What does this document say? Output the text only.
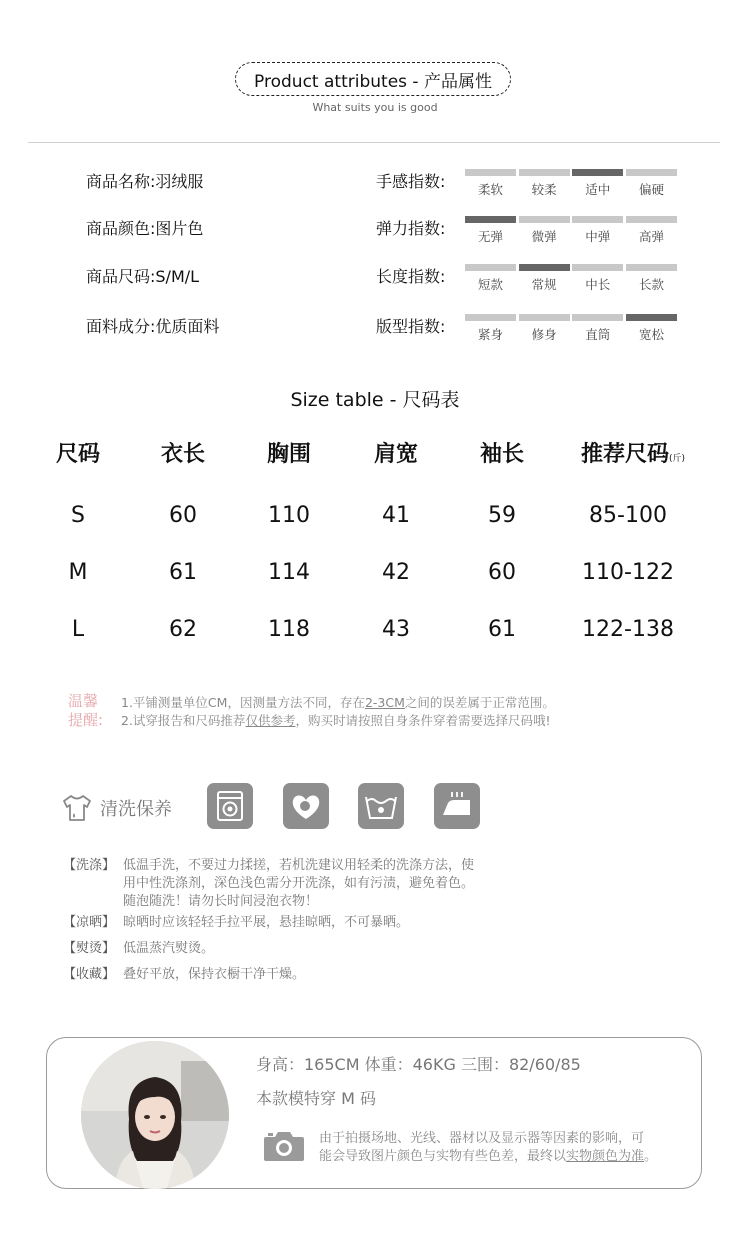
Product attributes - 产品属性
What suits you is good
商品名称:羽绒服
商品颜色:图片色
商品尺码:S/M/L
面料成分:优质面料
手感指数:	柔软	较柔	适中	偏硬
弹力指数:	无弹	微弹	中弹	高弹
长度指数:	短款	常规	中长	长款
版型指数:	紧身	修身	直筒	宽松
Size table - 尺码表
尺码	衣长	胸围	肩宽	袖长	推荐尺码(斤)
S	60	110	41	59	85-100
M	61	114	42	60	110-122
L	62	118	43	61	122-138
温馨
提醒:
1.平铺测量单位CM，因测量方法不同，存在2-3CM之间的误差属于正常范围。
2.试穿报告和尺码推荐仅供参考，购买时请按照自身条件穿着需要选择尺码哦!
清洗保养
【洗涤】 低温手洗，不要过力揉搓，若机洗建议用轻柔的洗涤方法，使
用中性洗涤剂，深色浅色需分开洗涤，如有污渍，避免着色。
随泡随洗！请勿长时间浸泡衣物！
【凉晒】 晾晒时应该轻轻手拉平展，悬挂晾晒，不可暴晒。
【熨烫】 低温蒸汽熨烫。
【收藏】 叠好平放，保持衣橱干净干燥。
身高：165CM 体重：46KG 三围：82/60/85
本款模特穿 M 码
由于拍摄场地、光线、器材以及显示器等因素的影响，可
能会导致图片颜色与实物有些色差，最终以实物颜色为准。
